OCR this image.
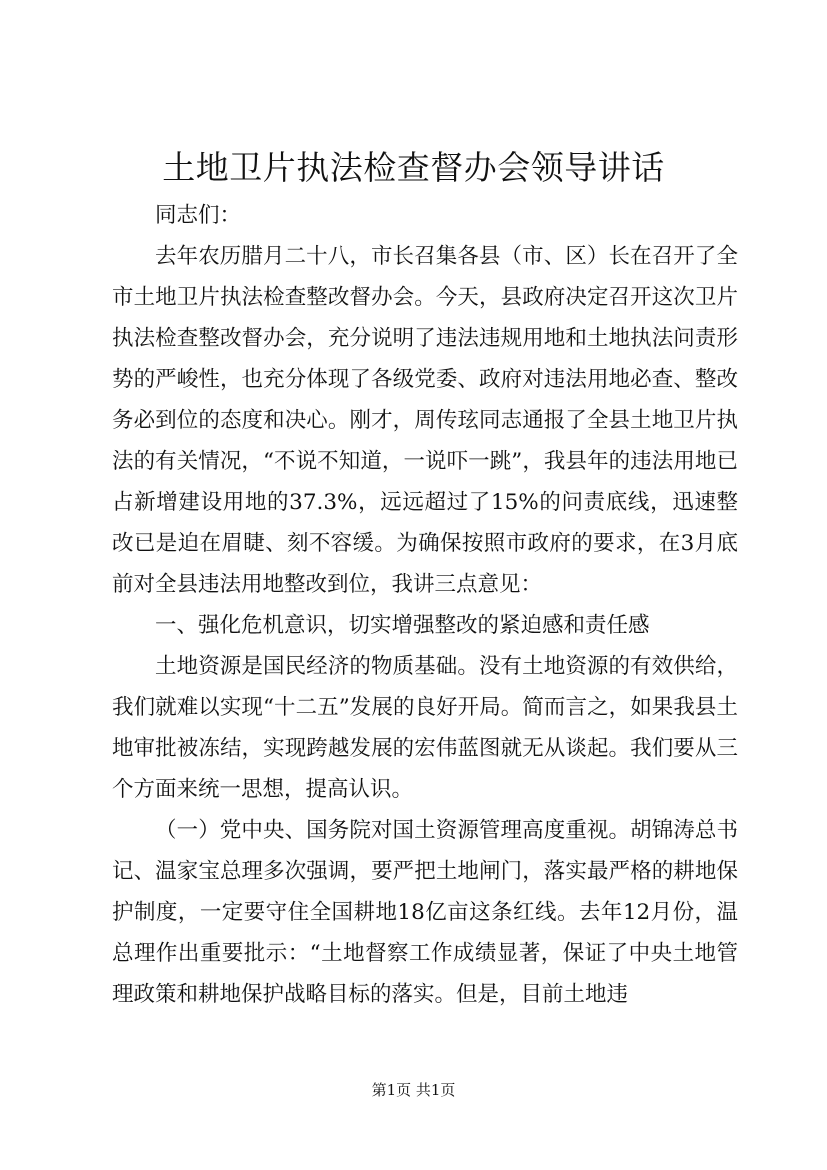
土地卫片执法检查督办会领导讲话

同志们：

去年农历腊月二十八，市长召集各县（市、区）长在召开了全市土地卫片执法检查整改督办会。今天，县政府决定召开这次卫片执法检查整改督办会，充分说明了违法违规用地和土地执法问责形势的严峻性，也充分体现了各级党委、政府对违法用地必查、整改务必到位的态度和决心。刚才，周传玹同志通报了全县土地卫片执法的有关情况，“不说不知道，一说吓一跳”，我县年的违法用地已占新增建设用地的37.3%，远远超过了15%的问责底线，迅速整改已是迫在眉睫、刻不容缓。为确保按照市政府的要求，在3月底前对全县违法用地整改到位，我讲三点意见：

一、强化危机意识，切实增强整改的紧迫感和责任感

土地资源是国民经济的物质基础。没有土地资源的有效供给，我们就难以实现“十二五”发展的良好开局。简而言之，如果我县土地审批被冻结，实现跨越发展的宏伟蓝图就无从谈起。我们要从三个方面来统一思想，提高认识。

（一）党中央、国务院对国土资源管理高度重视。胡锦涛总书记、温家宝总理多次强调，要严把土地闸门，落实最严格的耕地保护制度，一定要守住全国耕地18亿亩这条红线。去年12月份，温总理作出重要批示：“土地督察工作成绩显著，保证了中央土地管理政策和耕地保护战略目标的落实。但是，目前土地违

第1页 共1页
